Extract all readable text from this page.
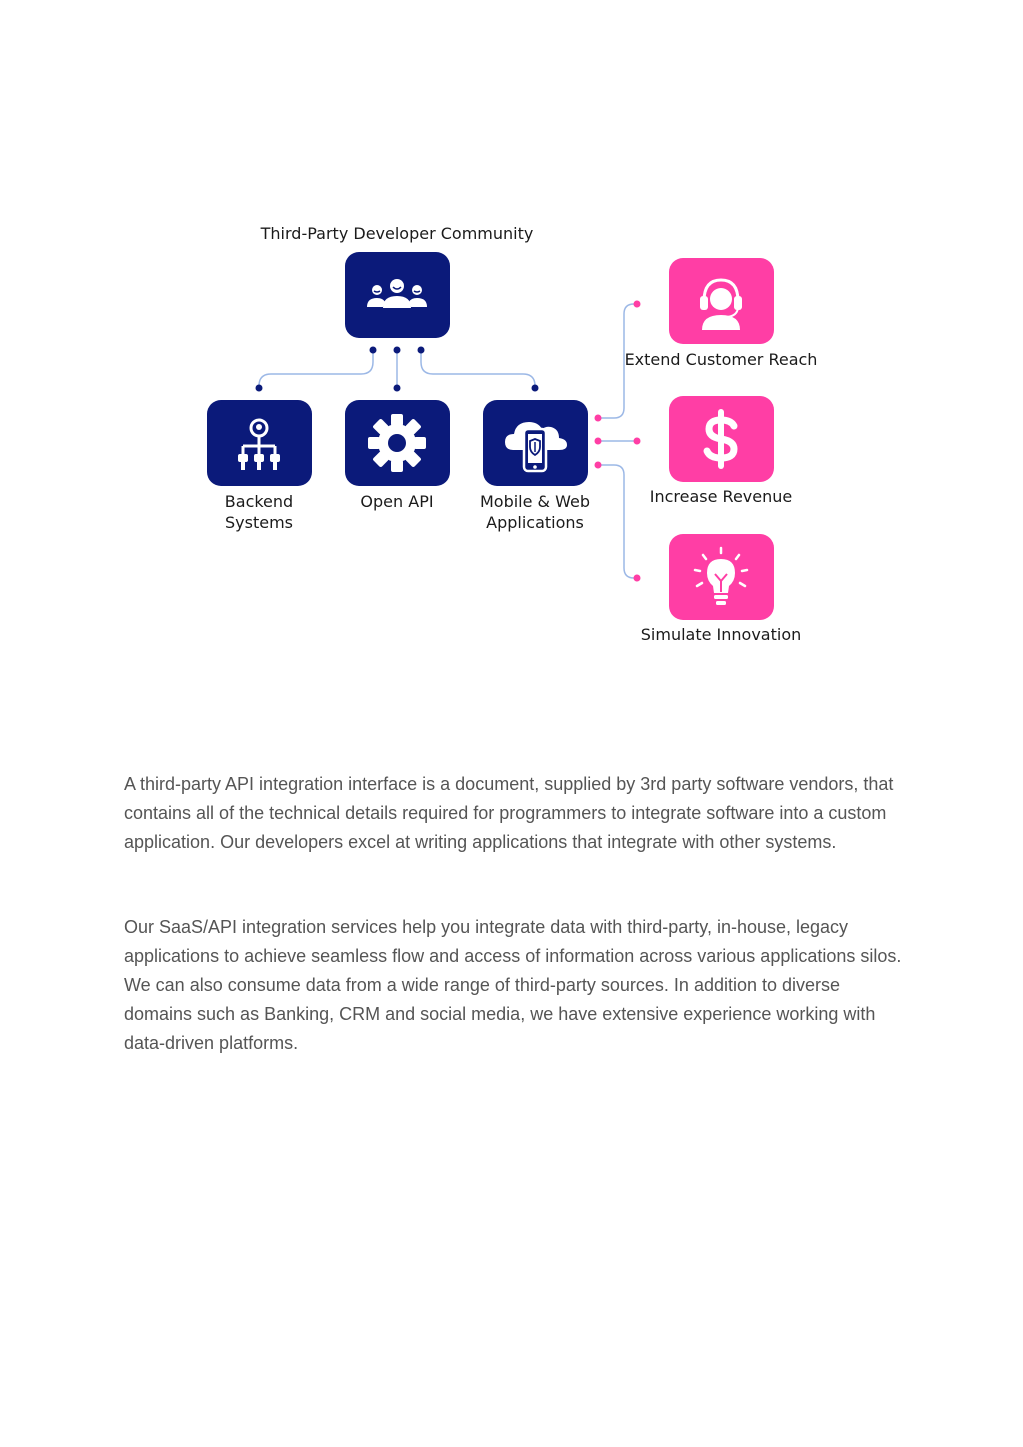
Third-Party Developer Community
Backend
Systems
Open API	Mobile & Web
Applications
Extend Customer Reach
Increase Revenue
Simulate Innovation

A third-party API integration interface is a document, supplied by 3rd party software vendors, that contains all of the technical details required for programmers to integrate software into a custom application. Our developers excel at writing applications that integrate with other systems.

Our SaaS/API integration services help you integrate data with third-party, in-house, legacy applications to achieve seamless flow and access of information across various applications silos. We can also consume data from a wide range of third-party sources. In addition to diverse domains such as Banking, CRM and social media, we have extensive experience working with data-driven platforms.
